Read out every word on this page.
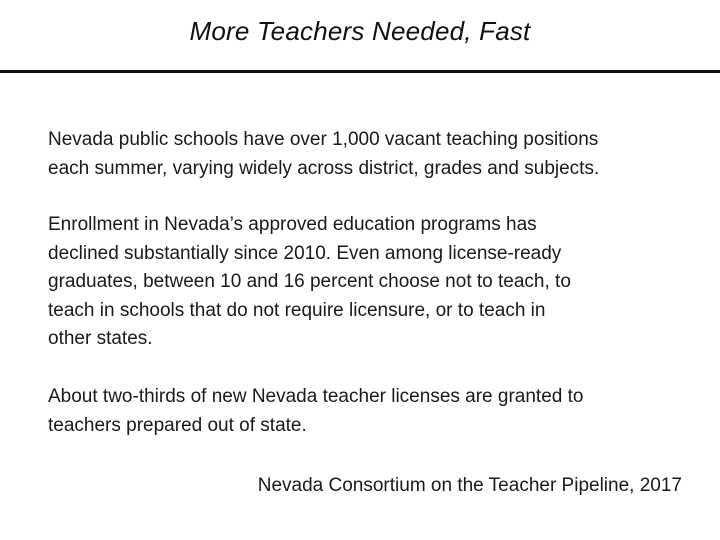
More Teachers Needed, Fast

Nevada public schools have over 1,000 vacant teaching positions
each summer, varying widely across district, grades and subjects.

Enrollment in Nevada’s approved education programs has
declined substantially since 2010. Even among license-ready
graduates, between 10 and 16 percent choose not to teach, to
teach in schools that do not require licensure, or to teach in
other states.

About two-thirds of new Nevada teacher licenses are granted to
teachers prepared out of state.

Nevada Consortium on the Teacher Pipeline, 2017
